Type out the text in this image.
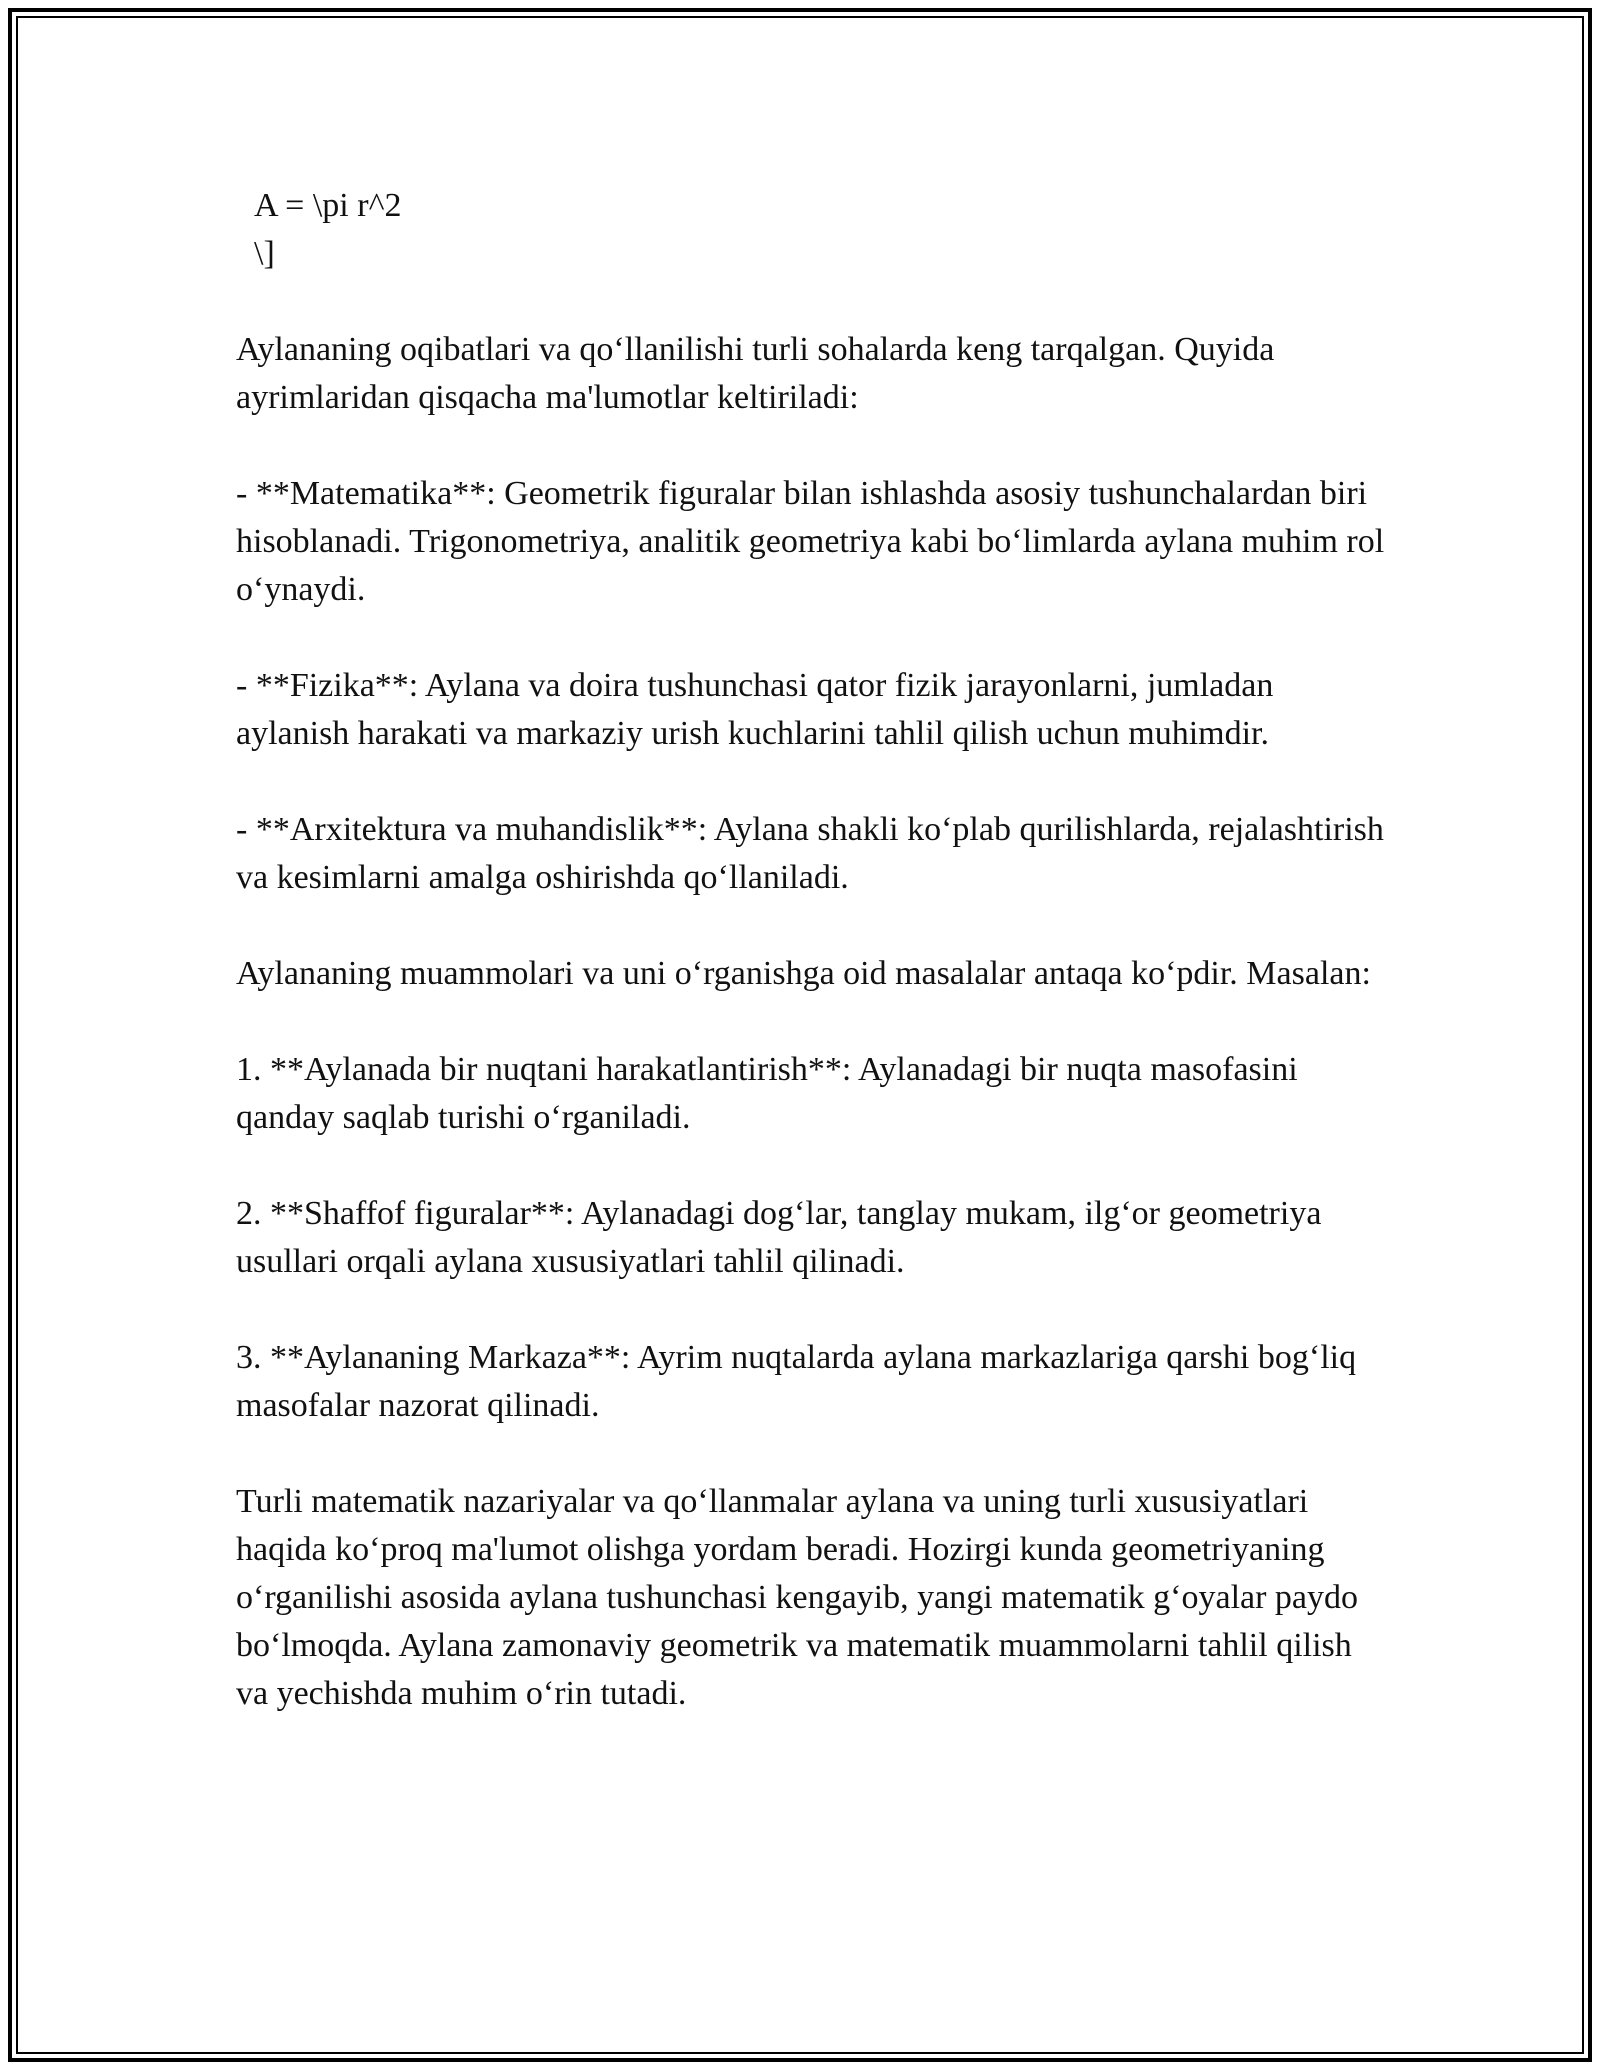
A = \pi r^2

\]

Aylananing oqibatlari va qo‘llanilishi turli sohalarda keng tarqalgan. Quyida ayrimlaridan qisqacha ma'lumotlar keltiriladi:

- **Matematika**: Geometrik figuralar bilan ishlashda asosiy tushunchalardan biri hisoblanadi. Trigonometriya, analitik geometriya kabi bo‘limlarda aylana muhim rol o‘ynaydi.

- **Fizika**: Aylana va doira tushunchasi qator fizik jarayonlarni, jumladan aylanish harakati va markaziy urish kuchlarini tahlil qilish uchun muhimdir.

- **Arxitektura va muhandislik**: Aylana shakli ko‘plab qurilishlarda, rejalashtirish va kesimlarni amalga oshirishda qo‘llaniladi.

Aylananing muammolari va uni o‘rganishga oid masalalar antaqa ko‘pdir. Masalan:

1. **Aylanada bir nuqtani harakatlantirish**: Aylanadagi bir nuqta masofasini qanday saqlab turishi o‘rganiladi.

2. **Shaffof figuralar**: Aylanadagi dog‘lar, tanglay mukam, ilg‘or geometriya usullari orqali aylana xususiyatlari tahlil qilinadi.

3. **Aylananing Markaza**: Ayrim nuqtalarda aylana markazlariga qarshi bog‘liq masofalar nazorat qilinadi.

Turli matematik nazariyalar va qo‘llanmalar aylana va uning turli xususiyatlari haqida ko‘proq ma'lumot olishga yordam beradi. Hozirgi kunda geometriyaning o‘rganilishi asosida aylana tushunchasi kengayib, yangi matematik g‘oyalar paydo bo‘lmoqda. Aylana zamonaviy geometrik va matematik muammolarni tahlil qilish va yechishda muhim o‘rin tutadi.
